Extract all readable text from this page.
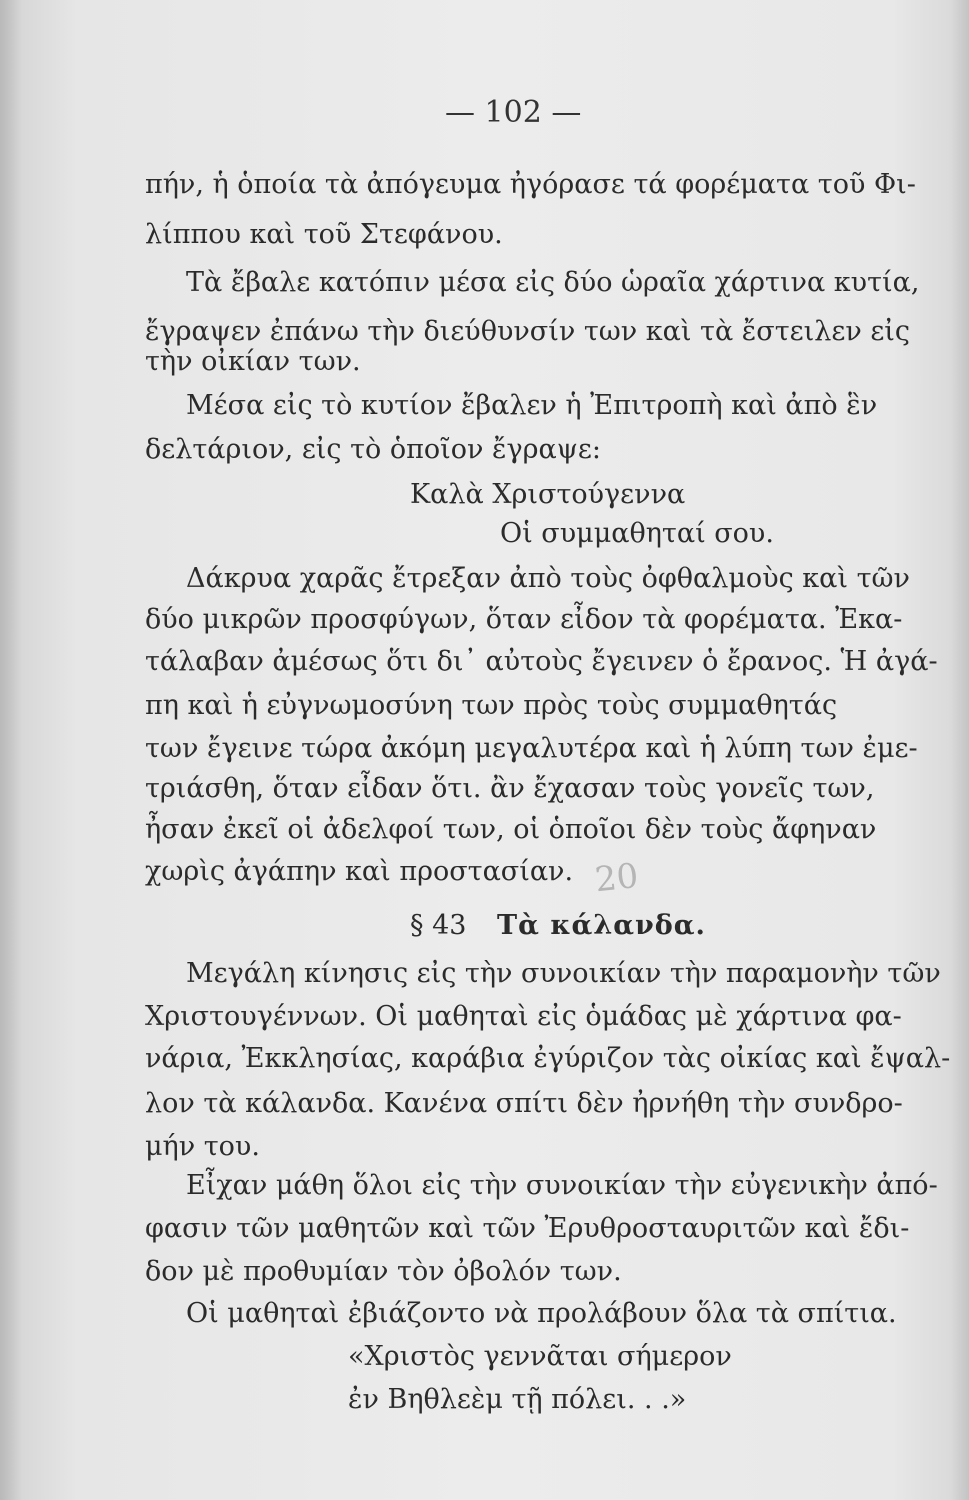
— 102 —
πήν, ἡ ὁποία τὰ ἀπόγευμα ἠγόρασε τά φορέματα τοῦ Φι-
λίππου καὶ τοῦ Στεφάνου.
Τὰ ἔβαλε κατόπιν μέσα εἰς δύο ὡραῖα χάρτινα κυτία,
ἔγραψεν ἐπάνω τὴν διεύθυνσίν των καὶ τὰ ἔστειλεν εἰς
τὴν οἰκίαν των.
Μέσα εἰς τὸ κυτίον ἔβαλεν ἡ Ἐπιτροπὴ καὶ ἀπὸ ἓν
δελτάριον, εἰς τὸ ὁποῖον ἔγραψε:
Καλὰ Χριστούγεννα
Οἱ συμμαθηταί σου.
Δάκρυα χαρᾶς ἔτρεξαν ἀπὸ τοὺς ὀφθαλμοὺς καὶ τῶν
δύο μικρῶν προσφύγων, ὅταν εἶδον τὰ φορέματα. Ἐκα-
τάλαβαν ἀμέσως ὅτι δι᾽ αὐτοὺς ἔγεινεν ὁ ἔρανος. Ἡ ἀγά-
πη καὶ ἡ εὐγνωμοσύνη των πρὸς τοὺς συμμαθητάς
των ἔγεινε τώρα ἀκόμη μεγαλυτέρα καὶ ἡ λύπη των ἐμε-
τριάσθη, ὅταν εἶδαν ὅτι. ἂν ἔχασαν τοὺς γονεῖς των,
ἦσαν ἐκεῖ οἱ ἀδελφοί των, οἱ ὁποῖοι δὲν τοὺς ἄφηναν
χωρὶς ἀγάπην καὶ προστασίαν. 20
§ 43 Τὰ κάλανδα.
Μεγάλη κίνησις εἰς τὴν συνοικίαν τὴν παραμονὴν τῶν
Χριστουγέννων. Οἱ μαθηταὶ εἰς ὁμάδας μὲ χάρτινα φα-
νάρια, Ἐκκλησίας, καράβια ἐγύριζον τὰς οἰκίας καὶ ἔψαλ-
λον τὰ κάλανδα. Κανένα σπίτι δὲν ἠρνήθη τὴν συνδρο-
μήν του.
Εἶχαν μάθη ὅλοι εἰς τὴν συνοικίαν τὴν εὐγενικὴν ἀπό-
φασιν τῶν μαθητῶν καὶ τῶν Ἐρυθροσταυριτῶν καὶ ἔδι-
δον μὲ προθυμίαν τὸν ὀβολόν των.
Οἱ μαθηταὶ ἐβιάζοντο νὰ προλάβουν ὅλα τὰ σπίτια.
«Χριστὸς γεννᾶται σήμερον
ἐν Βηθλεὲμ τῇ πόλει. . .»
